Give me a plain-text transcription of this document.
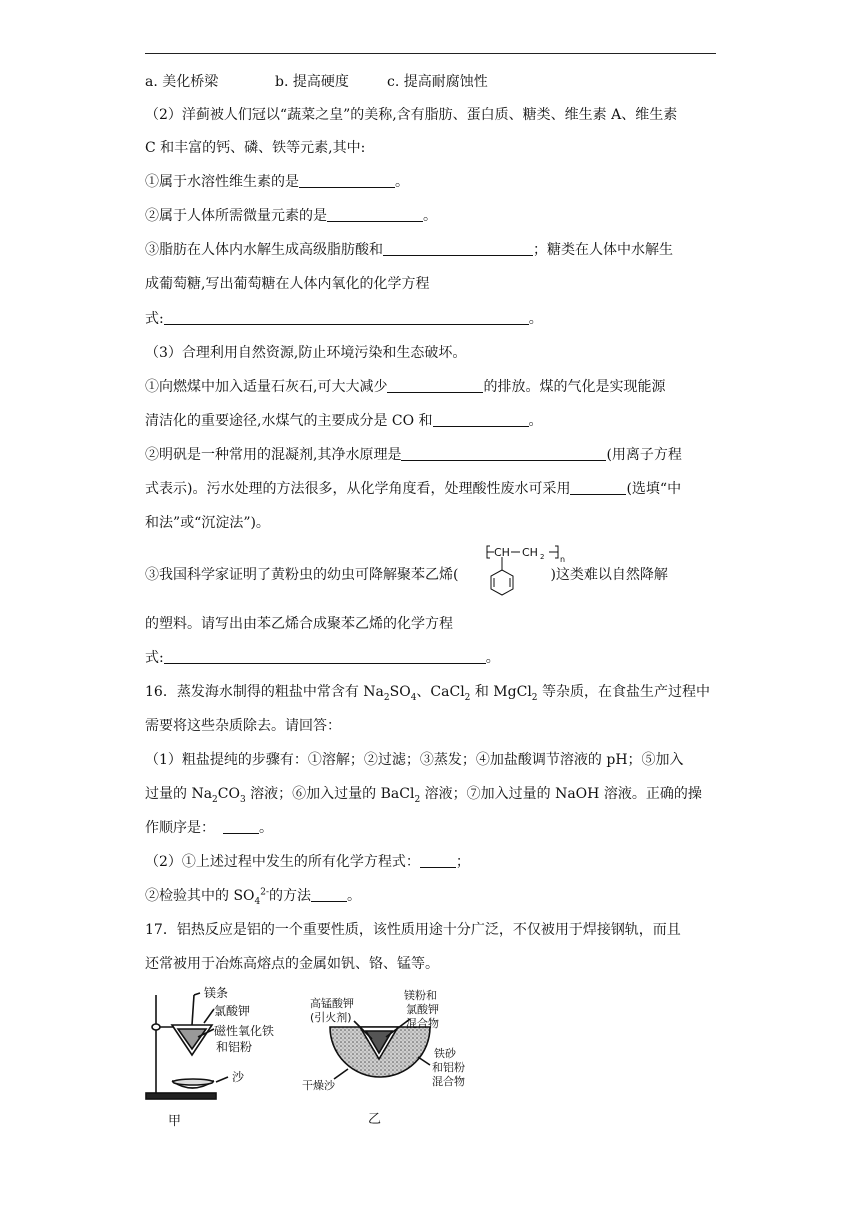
a. 美化桥梁	b. 提高硬度	c. 提高耐腐蚀性
（2）洋蓟被人们冠以“蔬菜之皇”的美称,含有脂肪、蛋白质、糖类、维生素 A、维生素
C 和丰富的钙、磷、铁等元素,其中:
①属于水溶性维生素的是	。
②属于人体所需微量元素的是	。
③脂肪在人体内水解生成高级脂肪酸和	；糖类在人体中水解生
成葡萄糖,写出葡萄糖在人体内氧化的化学方程
式:	。
（3）合理利用自然资源,防止环境污染和生态破坏。
①向燃煤中加入适量石灰石,可大大减少	的排放。煤的气化是实现能源
清洁化的重要途径,水煤气的主要成分是 CO 和	。
②明矾是一种常用的混凝剂,其净水原理是	(用离子方程
式表示)。污水处理的方法很多，从化学角度看，处理酸性废水可采用	(选填“中
和法”或“沉淀法”)。
③我国科学家证明了黄粉虫的幼虫可降解聚苯乙烯(	)这类难以自然降解
CH CH 2 n
的塑料。请写出由苯乙烯合成聚苯乙烯的化学方程
式:	。
16．蒸发海水制得的粗盐中常含有 $Na_2SO_4$、CaCl$_2$ 和 MgCl$_2$ 等杂质，在食盐生产过程中
需要将这些杂质除去。请回答：
（1）粗盐提纯的步骤有：①溶解；②过滤；③蒸发；④加盐酸调节溶液的 pH；⑤加入
过量的 $Na_2CO_3$ 溶液；⑥加入过量的 BaCl$_2$ 溶液；⑦加入过量的 NaOH 溶液。正确的操
作顺序是：	。
（2）①上述过程中发生的所有化学方程式：	；
②检验其中的 $SO_4^{2-}$的方法	。
17．铝热反应是铝的一个重要性质，该性质用途十分广泛，不仅被用于焊接钢轨，而且
还常被用于冶炼高熔点的金属如钒、铬、锰等。
镁条
氯酸钾
磁性氧化铁
和铝粉
沙
甲
高锰酸钾
(引火剂)
镁粉和
氯酸钾
混合物
铁砂
和铝粉
混合物
干燥沙
乙
